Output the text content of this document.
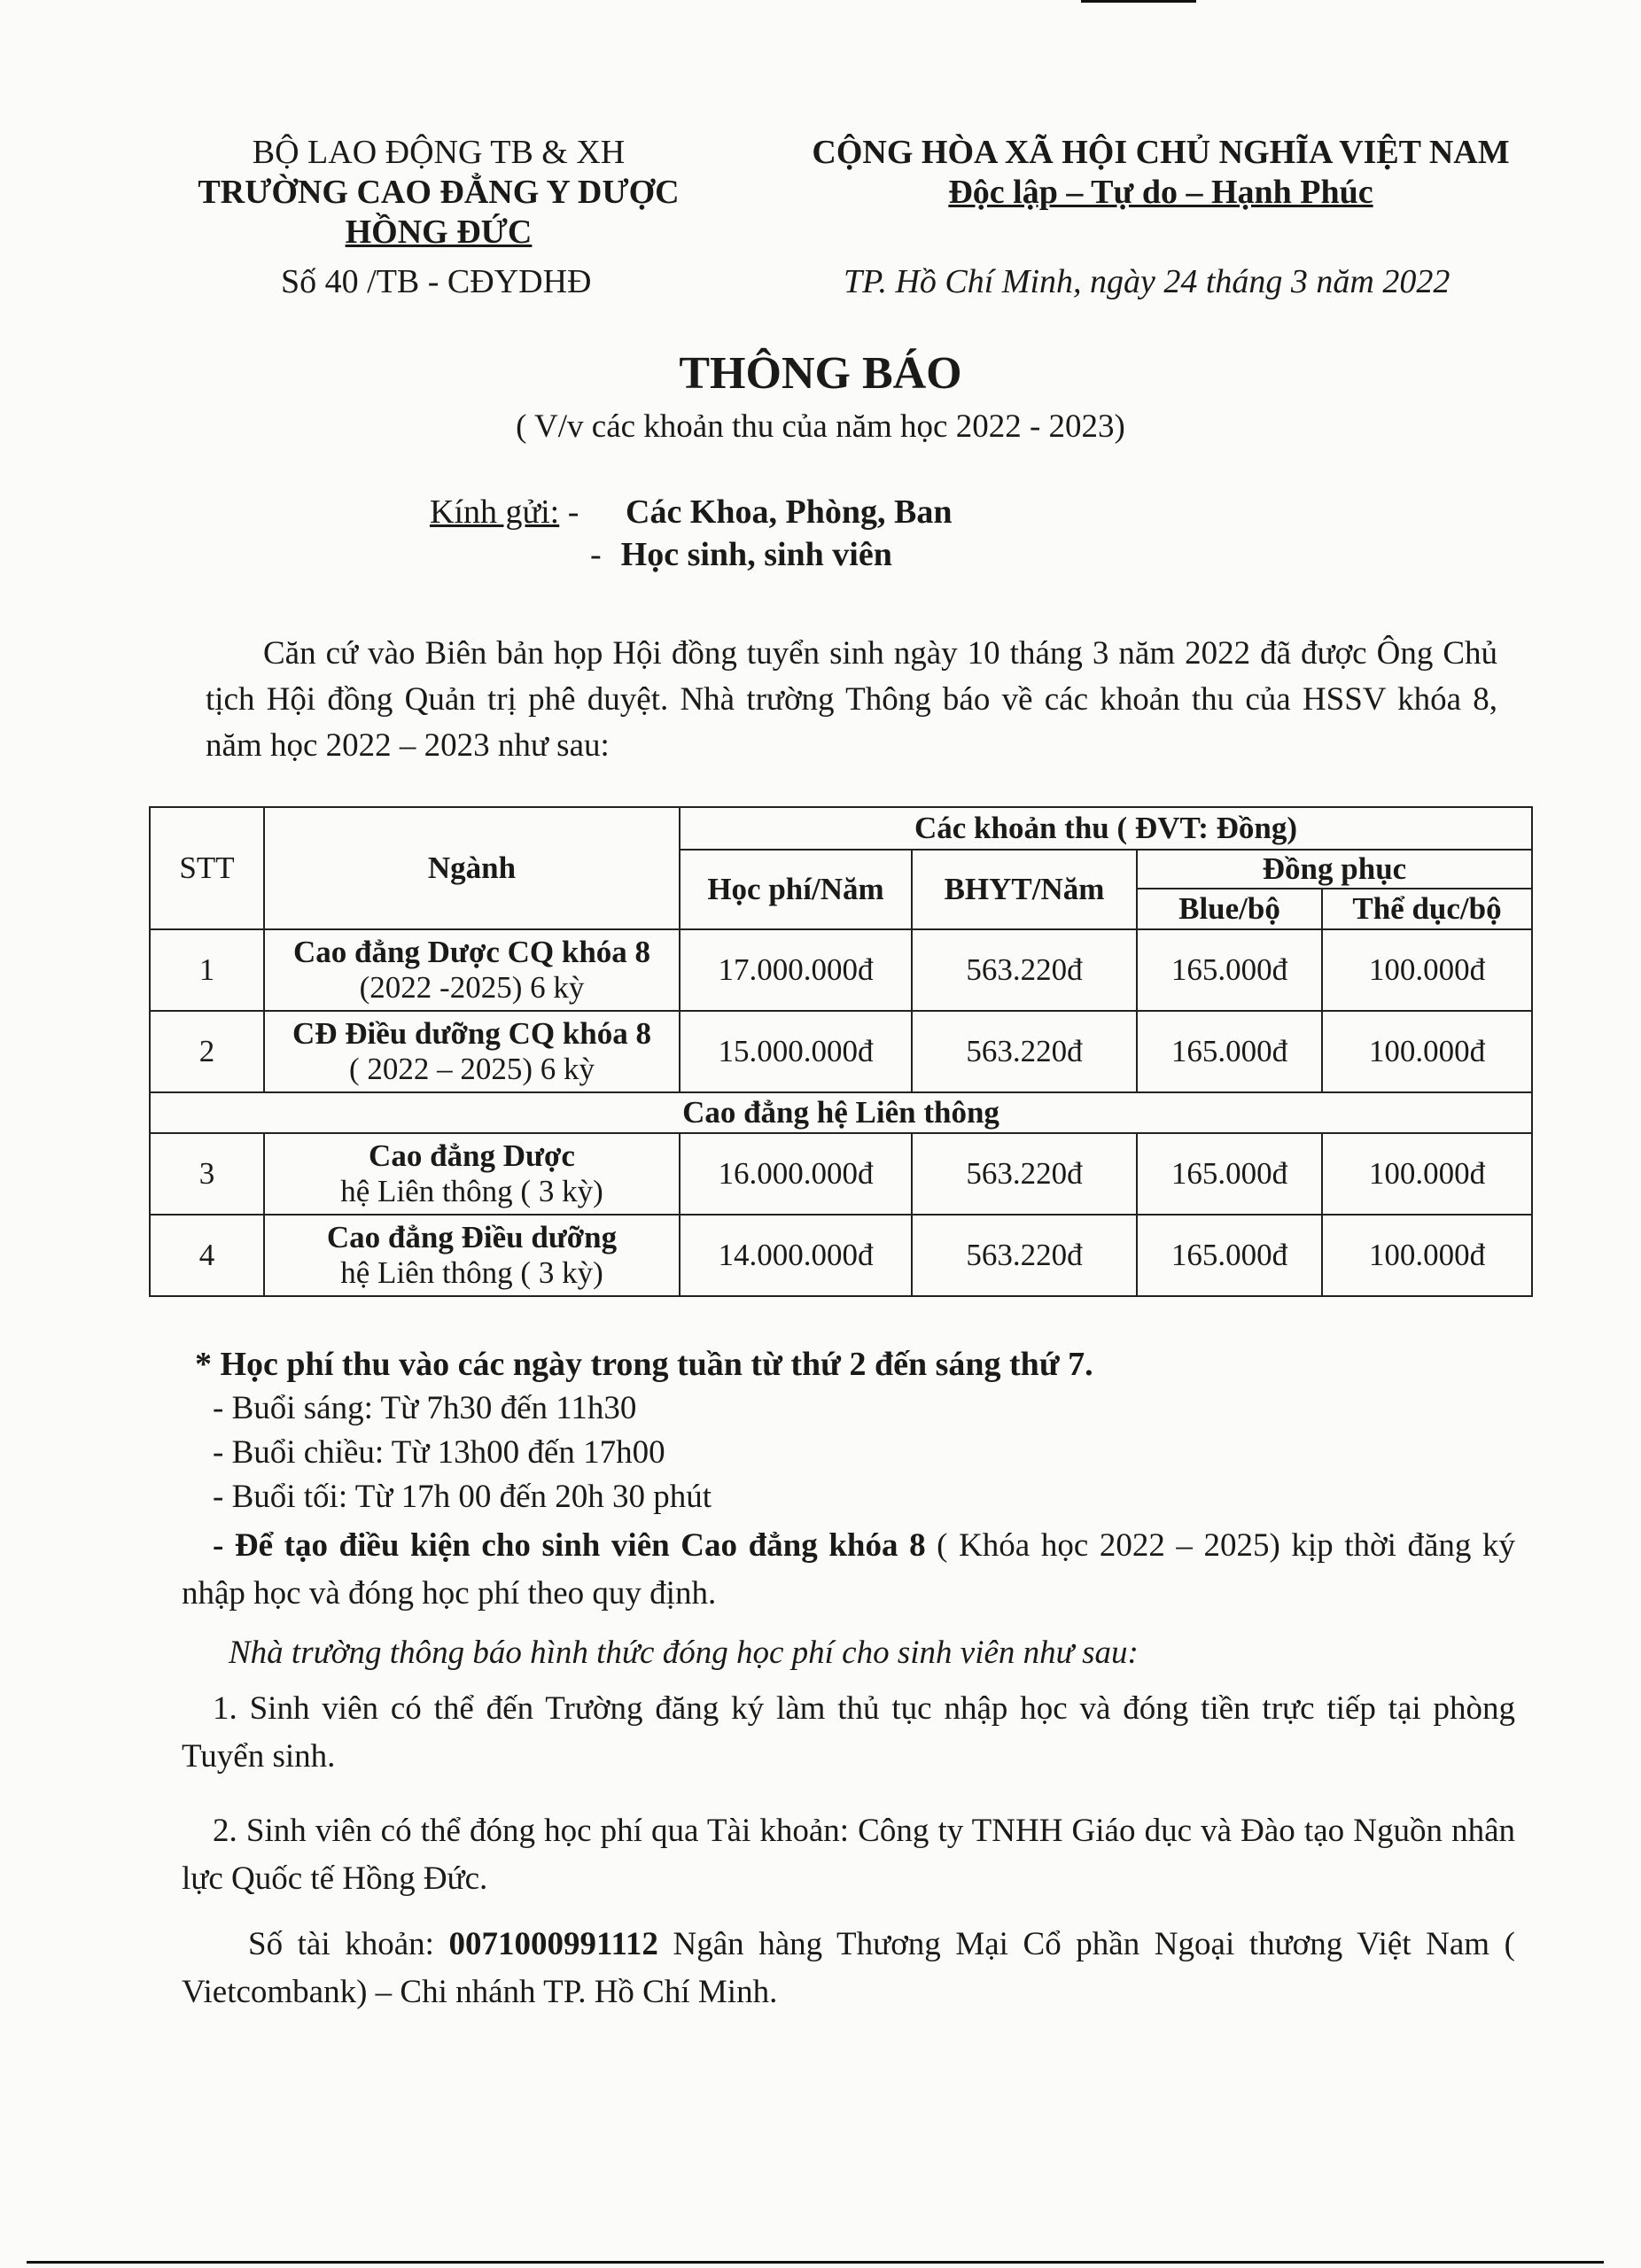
BỘ LAO ĐỘNG TB & XH
TRƯỜNG CAO ĐẲNG Y DƯỢC
HỒNG ĐỨC
Số 40 /TB - CĐYDHĐ
CỘNG HÒA XÃ HỘI CHỦ NGHĨA VIỆT NAM
Độc lập – Tự do – Hạnh Phúc
TP. Hồ Chí Minh, ngày 24 tháng 3 năm 2022
THÔNG BÁO
( V/v các khoản thu của năm học 2022 - 2023)
Kính gửi: - Các Khoa, Phòng, Ban
- Học sinh, sinh viên
Căn cứ vào Biên bản họp Hội đồng tuyển sinh ngày 10 tháng 3 năm 2022 đã được Ông Chủ tịch Hội đồng Quản trị phê duyệt. Nhà trường Thông báo về các khoản thu của HSSV khóa 8, năm học 2022 – 2023 như sau:
STT	Ngành	Các khoản thu ( ĐVT: Đồng)			
		Học phí/Năm	BHYT/Năm	Đồng phục	
				Blue/bộ	Thể dục/bộ
1	Cao đẳng Dược CQ khóa 8
(2022 -2025) 6 kỳ	17.000.000đ	563.220đ	165.000đ	100.000đ
2	CĐ Điều dưỡng CQ khóa 8
( 2022 – 2025) 6 kỳ	15.000.000đ	563.220đ	165.000đ	100.000đ
Cao đẳng hệ Liên thông					
3	Cao đẳng Dược
hệ Liên thông ( 3 kỳ)	16.000.000đ	563.220đ	165.000đ	100.000đ
4	Cao đẳng Điều dưỡng
hệ Liên thông ( 3 kỳ)	14.000.000đ	563.220đ	165.000đ	100.000đ
* Học phí thu vào các ngày trong tuần từ thứ 2 đến sáng thứ 7.
- Buổi sáng: Từ 7h30 đến 11h30
- Buổi chiều: Từ 13h00 đến 17h00
- Buổi tối: Từ 17h 00 đến 20h 30 phút
- Để tạo điều kiện cho sinh viên Cao đẳng khóa 8 ( Khóa học 2022 – 2025) kịp thời đăng ký nhập học và đóng học phí theo quy định.
Nhà trường thông báo hình thức đóng học phí cho sinh viên như sau:
1. Sinh viên có thể đến Trường đăng ký làm thủ tục nhập học và đóng tiền trực tiếp tại phòng Tuyển sinh.
2. Sinh viên có thể đóng học phí qua Tài khoản: Công ty TNHH Giáo dục và Đào tạo Nguồn nhân lực Quốc tế Hồng Đức.
Số tài khoản: 0071000991112 Ngân hàng Thương Mại Cổ phần Ngoại thương Việt Nam ( Vietcombank) – Chi nhánh TP. Hồ Chí Minh.
